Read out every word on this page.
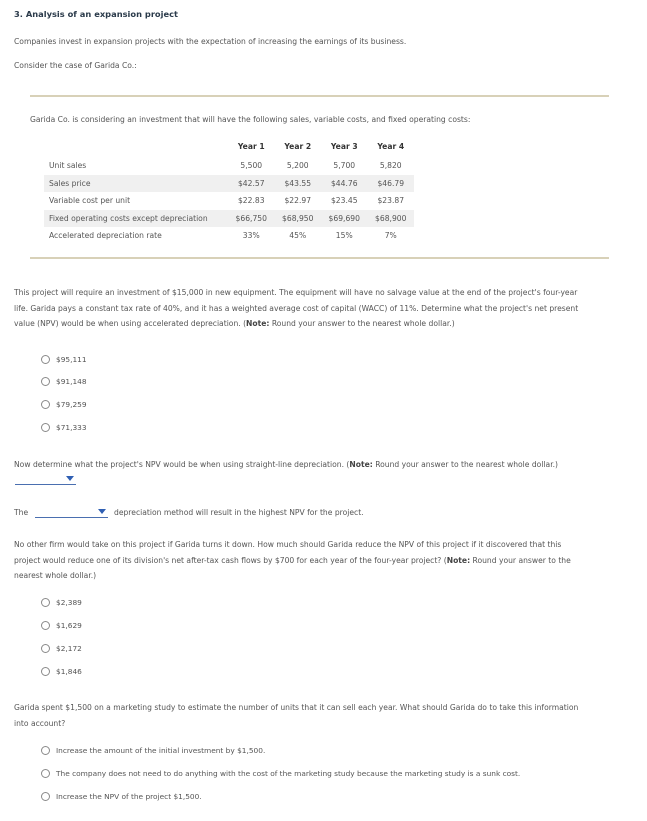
3. Analysis of an expansion project
Companies invest in expansion projects with the expectation of increasing the earnings of its business.
Consider the case of Garida Co.:
Garida Co. is considering an investment that will have the following sales, variable costs, and fixed operating costs:
	Year 1	Year 2	Year 3	Year 4
Unit sales	5,500	5,200	5,700	5,820
Sales price	$42.57	$43.55	$44.76	$46.79
Variable cost per unit	$22.83	$22.97	$23.45	$23.87
Fixed operating costs except depreciation	$66,750	$68,950	$69,690	$68,900
Accelerated depreciation rate	33%	45%	15%	7%
This project will require an investment of $15,000 in new equipment. The equipment will have no salvage value at the end of the project's four-year
life. Garida pays a constant tax rate of 40%, and it has a weighted average cost of capital (WACC) of 11%. Determine what the project's net present
value (NPV) would be when using accelerated depreciation. (Note: Round your answer to the nearest whole dollar.)
$95,111
$91,148
$79,259
$71,333
Now determine what the project's NPV would be when using straight-line depreciation. (Note: Round your answer to the nearest whole dollar.)
The	depreciation method will result in the highest NPV for the project.
No other firm would take on this project if Garida turns it down. How much should Garida reduce the NPV of this project if it discovered that this
project would reduce one of its division's net after-tax cash flows by $700 for each year of the four-year project? (Note: Round your answer to the
nearest whole dollar.)
$2,389
$1,629
$2,172
$1,846
Garida spent $1,500 on a marketing study to estimate the number of units that it can sell each year. What should Garida do to take this information
into account?
Increase the amount of the initial investment by $1,500.
The company does not need to do anything with the cost of the marketing study because the marketing study is a sunk cost.
Increase the NPV of the project $1,500.
